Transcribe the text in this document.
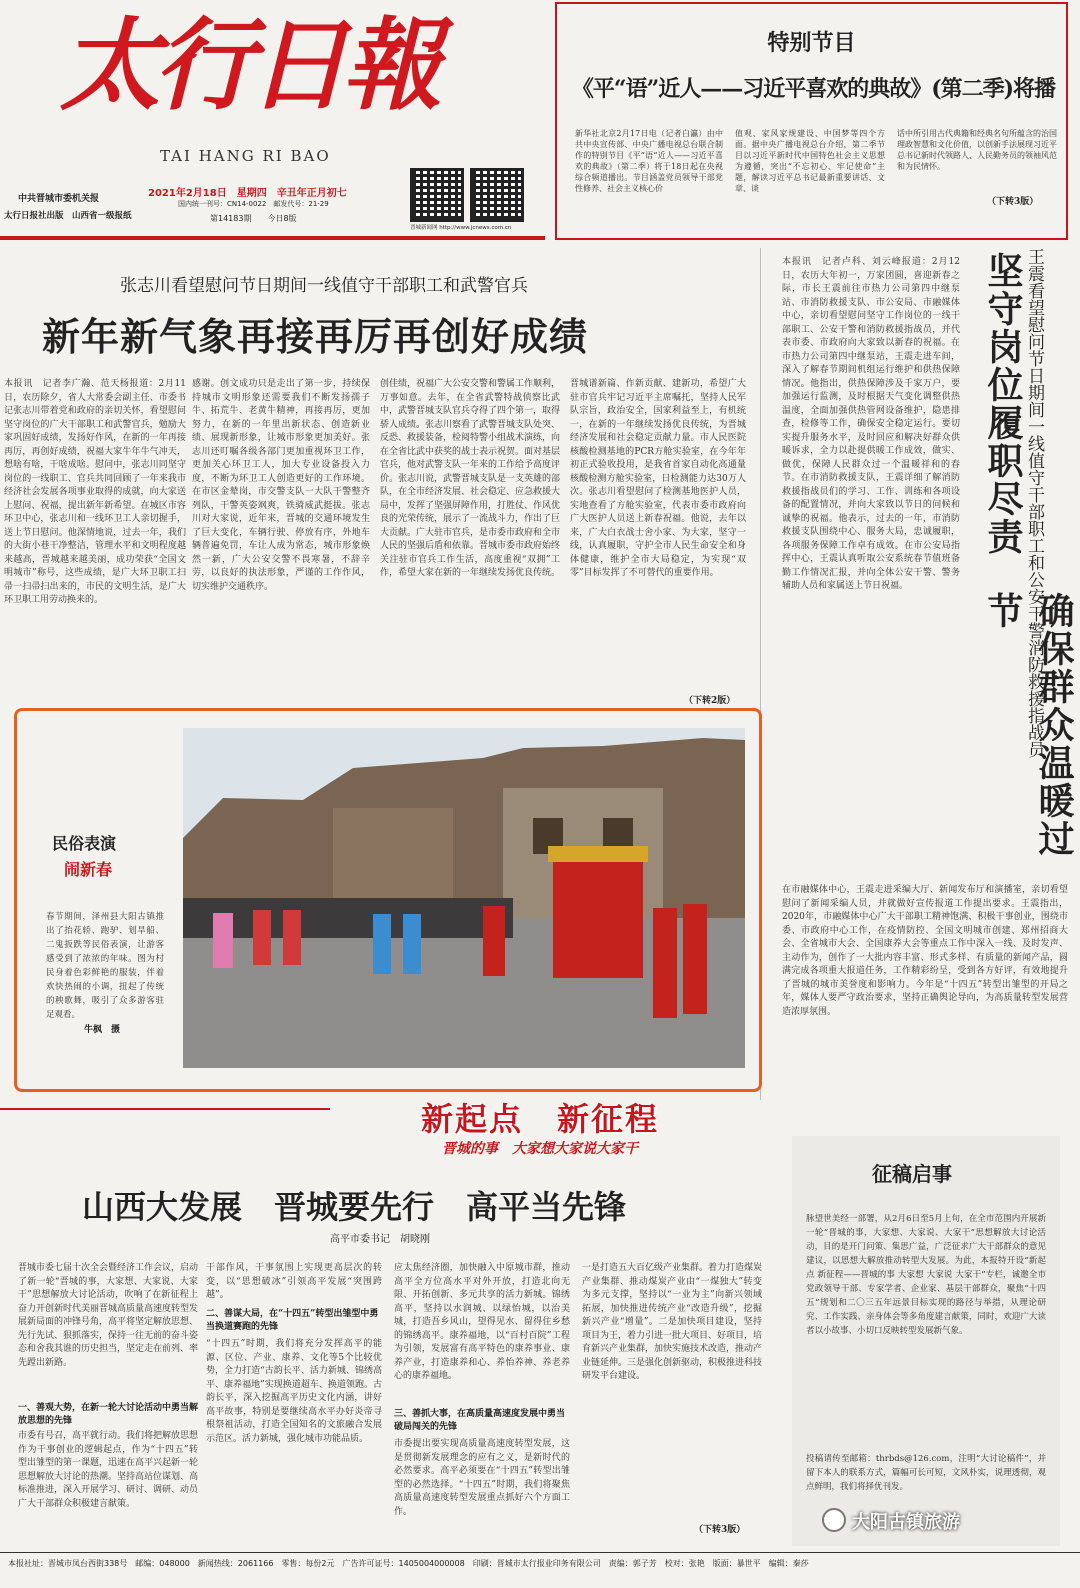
太行日報
TAI HANG RI BAO
中共晋城市委机关报
太行日报社出版　山西省一级报纸
2021年2月18日　星期四　辛丑年正月初七
国内统一刊号：CN14-0022　邮发代号：21-29
第14183期　　今日8版
晋城新闻网 http://www.jcnews.com.cn
特别节目
《平“语”近人——习近平喜欢的典故》(第二季)将播
新华社北京2月17日电（记者白瀛）由中共中央宣传部、中央广播电视总台联合制作的特别节目《平“语”近人——习近平喜欢的典故》（第二季）将于18日起在央视综合频道播出。节目涵盖党员领导干部党性修养、社会主义核心价
值观、家风家规建设、中国梦等四个方面。据中央广播电视总台介绍，第二季节目以习近平新时代中国特色社会主义思想为遵循，突出“不忘初心、牢记使命”主题，解读习近平总书记最新重要讲话、文章、谈
话中所引用古代典籍和经典名句所蕴含的治国理政智慧和文化价值，以创新手法展现习近平总书记新时代领路人、人民勤务员的领袖风范和为民情怀。
（下转3版）
张志川看望慰问节日期间一线值守干部职工和武警官兵
新年新气象再接再厉再创好成绩
本报讯　记者李广瀚、范天杨报道：2月11日，农历除夕，省人大常委会副主任、市委书记张志川带着党和政府的亲切关怀，看望慰问坚守岗位的广大干部职工和武警官兵，勉励大家巩固好成绩，发扬好作风，在新的一年再接再厉，再创好成绩，祝福大家牛年牛气冲天，想啥有啥，干啥成啥。慰问中，张志川同坚守岗位的一线职工、官兵共同回顾了一年来我市经济社会发展各项事业取得的成就，向大家送上慰问、祝福，提出新年新希望。在城区市容环卫中心，张志川和一线环卫工人亲切握手，送上节日慰问。他深情地说，过去一年，我们的大街小巷干净整洁，管理水平和文明程度越来越高，晋城越来越美丽，成功荣获“全国文明城市”称号，这些成绩，是广大环卫职工扫帚一扫帚扫出来的，市民的文明生活，是广大环卫职工用劳动换来的。
感谢。创文成功只是走出了第一步，持续保持城市文明形象还需要我们不断发扬孺子牛、拓荒牛、老黄牛精神，再接再厉，更加努力，在新的一年里出新状态、创造新业绩、展现新形象，让城市形象更加美好。张志川还叮嘱各级各部门更加重视环卫工作，更加关心环卫工人，加大专业设备投入力度，不断为环卫工人创造更好的工作环境。在市区金辇岗，市交警支队一大队干警整齐列队，干警英姿飒爽，铁骑威武挺拔。张志川对大家说，近年来，晋城的交通环境发生了巨大变化，车辆行驶、停放有序，外地车辆普遍免罚，车让人成为常态，城市形象焕然一新，广大公安交警不畏寒暑，不辞辛劳，以良好的执法形象，严谨的工作作风，切实维护交通秩序。
创佳绩，祝福广大公安交警和警属工作顺利，万事如意。去年，在全省武警特战侦察比武中，武警晋城支队官兵夺得了四个第一，取得骄人成绩。张志川察看了武警晋城支队处突、反恐、救援装备，检阅特警小组战术演练，向在全省比武中获奖的战士表示祝贺。面对基层官兵，他对武警支队一年来的工作给予高度评价。张志川说，武警晋城支队是一支英雄的部队，在全市经济发展、社会稳定、应急救援大局中，发挥了坚强屏障作用，打胜仗、作风优良的光荣传统，展示了一流战斗力，作出了巨大贡献。广大驻市官兵，是市委市政府和全市人民的坚强后盾和依靠。晋城市委市政府始终关注驻市官兵工作生活，高度重视“双拥”工作，希望大家在新的一年继续发扬优良传统。
晋城谱新篇、作新贡献、建新功，希望广大驻市官兵牢记习近平主席嘱托，坚持人民军队宗旨，政治安全，国家利益至上，有机统一，在新的一年继续发扬优良传统，为晋城经济发展和社会稳定贡献力量。市人民医院核酸检测基地的PCR方舱实验室，在今年年初正式验收投用，是我省首家自动化高通量核酸检测方舱实验室，日检测能力达30万人次。张志川看望慰问了检测基地医护人员，实地查看了方舱实验室，代表市委市政府向广大医护人员送上新春祝福。他说，去年以来，广大白衣战士舍小家、为大家，坚守一线，认真履职，守护全市人民生命安全和身体健康，维护全市大局稳定，为实现“双零”目标发挥了不可替代的重要作用。
（下转2版）	王震看望慰问节日期间一线值守干部职工和公安干警消防救援指战员
坚守岗位履职尽责
确保群众温暖过节
本报讯　记者卢科、刘云峰报道：2月12日，农历大年初一，万家团圆，喜迎新春之际，市长王震前往市热力公司第四中继泵站、市消防救援支队、市公安局、市融媒体中心，亲切看望慰问坚守工作岗位的一线干部职工、公安干警和消防救援指战员，并代表市委、市政府向大家致以新春的祝福。在市热力公司第四中继泵站，王震走进车间，深入了解春节期间机组运行维护和供热保障情况。他指出，供热保障涉及千家万户，要加强运行监测，及时根据天气变化调整供热温度，全面加强供热管网设备维护，隐患排查，检修等工作，确保安全稳定运行。要切实提升服务水平，及时回应和解决好群众供暖诉求，全力以赴提供暖工作成效，做实、做优，保障人民群众过一个温暖祥和的春节。在市消防救援支队，王震详细了解消防救援指战员们的学习、工作、训练和各项设备的配置情况，并向大家致以节日的问候和诚挚的祝福。他表示，过去的一年，市消防救援支队围绕中心、服务大局，忠诚履职，各项服务保障工作卓有成效。在市公安局指挥中心，王震认真听取公安系统春节值班备勤工作情况汇报，并向全体公安干警、警务辅助人员和家属送上节日祝福。
在市融媒体中心，王震走进采编大厅、新闻发布厅和演播室，亲切看望慰问了新闻采编人员，并就做好宣传报道工作提出要求。王震指出，2020年，市融媒体中心广大干部职工精神饱满、积极干事创业，围绕市委、市政府中心工作，在疫情防控、全国文明城市创建、郑州招商大会、全省城市大会、全国康养大会等重点工作中深入一线、及时发声、主动作为，创作了一大批内容丰富、形式多样、有质量的新闻产品，圆满完成各项重大报道任务，工作精彩纷呈，受到各方好评，有效地提升了晋城的城市美誉度和影响力。今年是“十四五”转型出雏型的开局之年，媒体人要严守政治要求，坚持正确舆论导向，为高质量转型发展营造浓厚氛围。
民俗表演
闹新春
春节期间，泽州县大阳古镇推出了抬花轿、跑驴、划旱船、二鬼扳跌等民俗表演，让游客感受到了浓浓的年味。图为村民身着色彩鲜艳的服装，伴着欢快热闹的小调，扭起了传统的秧歌舞，吸引了众多游客驻足观看。
牛枫　摄
新起点　新征程
晋城的事　大家想大家说大家干
山西大发展　晋城要先行　高平当先锋
高平市委书记　胡晓刚
晋城市委七届十次全会暨经济工作会议，启动了新一轮“晋城的事，大家想、大家说、大家干”思想解放大讨论活动，吹响了在新征程上奋力开创新时代美丽晋城高质量高速度转型发展新局面的冲锋号角，高平将坚定解放思想、先行先试、狠抓落实，保持一往无前的奋斗姿态和舍我其谁的历史担当，坚定走在前列、率先蹚出新路。
一、善观大势，在新一轮大讨论活动中勇当解放思想的先锋
市委有号召，高平就行动。我们将把解放思想作为干事创业的逻辑起点，作为“十四五”转型出雏型的第一课题，迅速在高平兴起新一轮思想解放大讨论的热潮。坚持高站位谋划、高标准推进，深入开展学习、研讨、调研、动员广大干部群众积极建言献策。
干部作风，干事氛围上实现更高层次的转变，以“思想破冰”引领高平发展“突围跨越”。
二、善谋大局，在“十四五”转型出雏型中勇当换道赛跑的先锋
“十四五”时期，我们将充分发挥高平的能源、区位、产业、康养、文化等5个比较优势，全力打造“古韵长平、活力新城、锦绣高平、康养福地”实现换道超车、换道领跑。古韵长平，深入挖掘高平历史文化内涵，讲好高平故事，特别是要继续高水平办好炎帝寻根祭祖活动，打造全国知名的文旅融合发展示范区。活力新城，强化城市功能品质。
应太焦经济圈，加快融入中原城市群，推动高平全方位高水平对外开放，打造北向无限、开拓创新、多元共享的活力新城。锦绣高平，坚持以水润城、以绿怡城，以治美城，打造吾乡风山，望得见水、留得住乡愁的锦绣高平。康养福地，以“百村百院”工程为引领，发展富有高平特色的康养事业、康养产业，打造康养和心、养怡养神、养老养心的康养福地。
三、善抓大事，在高质量高速度发展中勇当破局闯关的先锋
市委提出要实现高质量高速度转型发展，这是贯彻新发展理念的应有之义，是新时代的必然要求。高平必须要在“十四五”转型出雏型的必然选择。“十四五”时期，我们将聚焦高质量高速度转型发展重点抓好六个方面工作。
一是打造五大百亿级产业集群。着力打造煤炭产业集群、推动煤炭产业由“一煤独大”转变为多元支撑，坚持以“一业为主”向新兴领域拓展，加快推进传统产业“改造升级”，挖掘新兴产业“增量”。二是加快项目建设，坚持项目为王，着力引进一批大项目、好项目，培育新兴产业集群，加快实施技术改造，推动产业链延伸。三是强化创新驱动，积极推进科技研发平台建设。
（下转3版）
征稿启事
脉望世美经一部署，从2月6日至5月上旬，在全市范围内开展新一轮“晋城的事，大家想、大家说、大家干”思想解放大讨论活动，目的是开门问策、集思广益，广泛征求广大干部群众的意见建议，以思想大解放推动转型大发展。为此，本报特开设“新起点 新征程——晋城的事 大家想 大家说 大家干”专栏，诚邀全市党政领导干部、专家学者、企业家、基层干部群众，聚焦“十四五”规划和二〇三五年远景目标实现的路径与举措，从理论研究、工作实践、亲身体会等多角度建言献策，同时，欢迎广大读者以小故事、小切口反映转型发展新气象。
投稿请传至邮箱：thrbds@126.com，注明“大讨论稿件”，并留下本人的联系方式，篇幅可长可短，文风朴实，说理透彻，观点鲜明，我们将择优刊发。
本报社址：晋城市凤台西街338号　邮编：048000　新闻热线：2061166　零售：每份2元　广告许可证号：1405004000008　印刷：晋城市太行报业印务有限公司　责编：郭子芳　校对：张艳　版面：暴世平　编辑：秦莎
大阳古镇旅游
